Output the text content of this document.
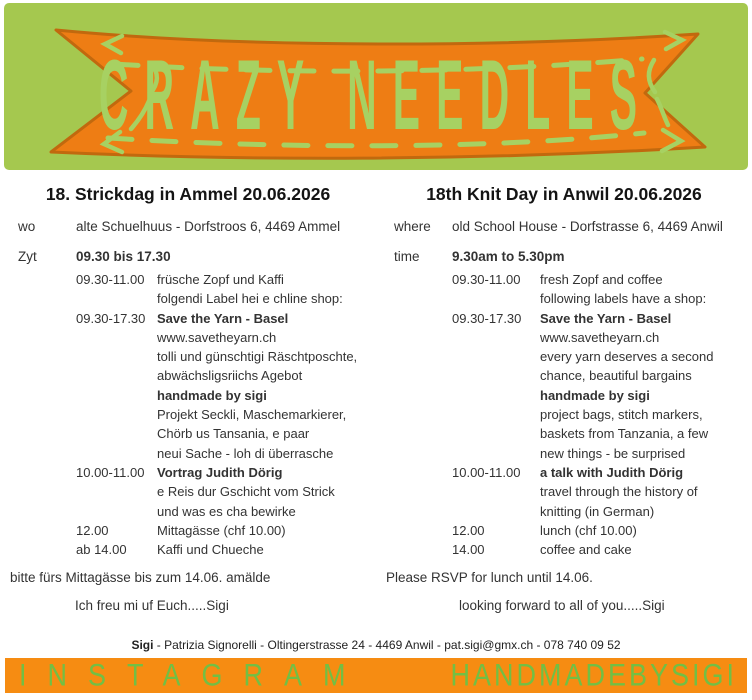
CRAZY NEEDLES
18. Strickdag in Ammel 20.06.2026	18th Knit Day in Anwil 20.06.2026
wo	alte Schuelhuus - Dorfstroos 6, 4469 Ammel
Zyt	09.30 bis 17.30
where old School House - Dorfstrasse 6, 4469 Anwil
time 9.30am to 5.30pm
09.30-11.00 früsche Zopf und Kaffi
folgendi Label hei e chline shop:
09.30-17.30 Save the Yarn - Basel
www.savetheyarn.ch
tolli und günschtigi Räschtposchte,
abwächsligsriichs Agebot
handmade by sigi
Projekt Seckli, Maschemarkierer,
Chörb us Tansania, e paar
neui Sache - loh di überrasche
10.00-11.00 Vortrag Judith Dörig
e Reis dur Gschicht vom Strick
und was es cha bewirke
12.00	Mittagässe (chf 10.00)
ab 14.00 Kaffi und Chueche
09.30-11.00 fresh Zopf and coffee
following labels have a shop:
09.30-17.30 Save the Yarn - Basel
www.savetheyarn.ch
every yarn deserves a second
chance, beautiful bargains
handmade by sigi
project bags, stitch markers,
baskets from Tanzania, a few
new things - be surprised
10.00-11.00 a talk with Judith Dörig
travel through the history of
knitting (in German)
12.00	lunch (chf 10.00)
14.00	coffee and cake
bitte fürs Mittagässe bis zum 14.06. amälde	Please RSVP for lunch until 14.06.
Ich freu mi uf Euch.....Sigi	looking forward to all of you.....Sigi
Sigi - Patrizia Signorelli - Oltingerstrasse 24 - 4469 Anwil - pat.sigi@gmx.ch - 078 740 09 52
INSTAGRAM	HANDMADEBYSIGI
